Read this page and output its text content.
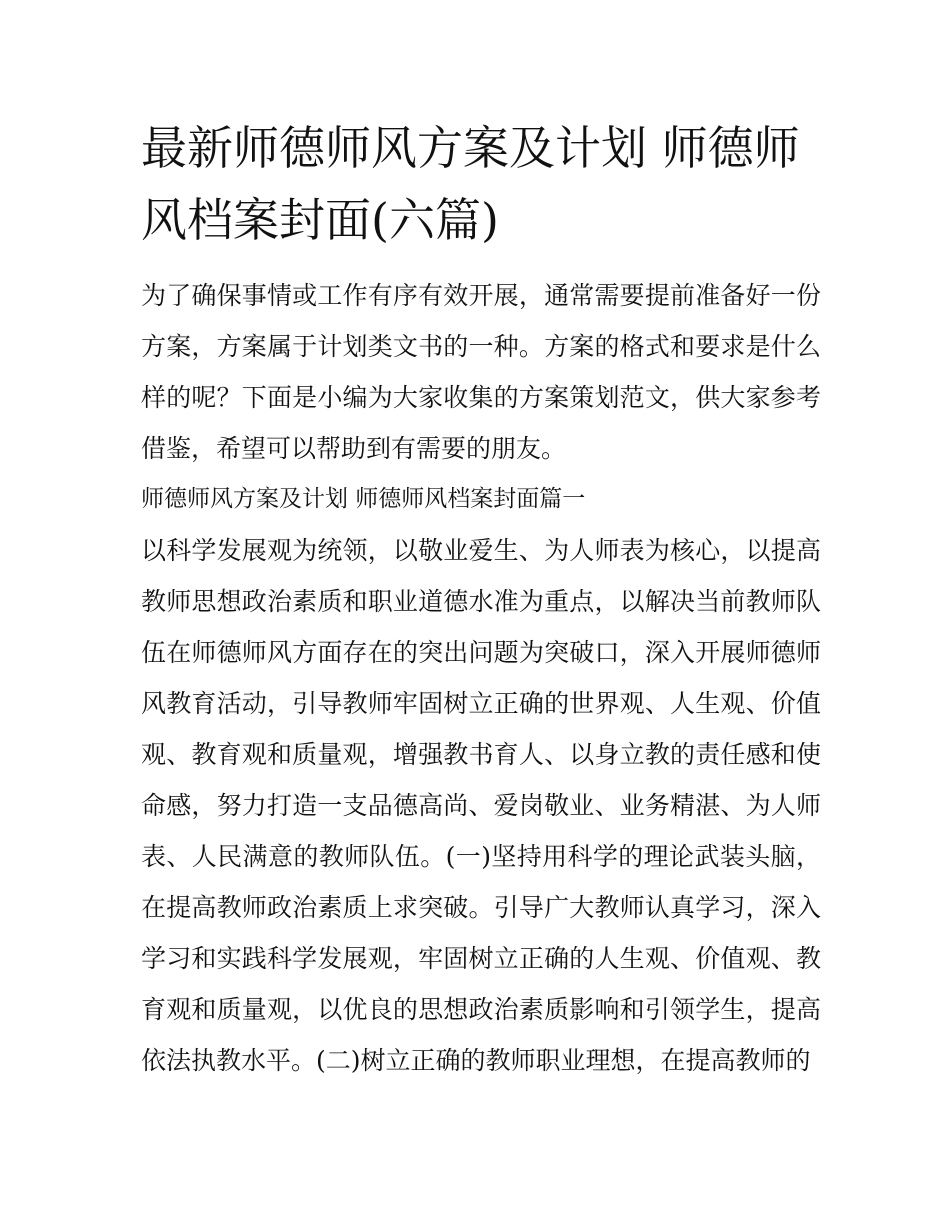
最新师德师风方案及计划 师德师风档案封面(六篇)

为了确保事情或工作有序有效开展，通常需要提前准备好一份方案，方案属于计划类文书的一种。方案的格式和要求是什么样的呢？下面是小编为大家收集的方案策划范文，供大家参考借鉴，希望可以帮助到有需要的朋友。

师德师风方案及计划 师德师风档案封面篇一

以科学发展观为统领，以敬业爱生、为人师表为核心，以提高教师思想政治素质和职业道德水准为重点，以解决当前教师队伍在师德师风方面存在的突出问题为突破口，深入开展师德师风教育活动，引导教师牢固树立正确的世界观、人生观、价值观、教育观和质量观，增强教书育人、以身立教的责任感和使命感，努力打造一支品德高尚、爱岗敬业、业务精湛、为人师表、人民满意的教师队伍。(一)坚持用科学的理论武装头脑，在提高教师政治素质上求突破。引导广大教师认真学习，深入学习和实践科学发展观，牢固树立正确的人生观、价值观、教育观和质量观，以优良的思想政治素质影响和引领学生，提高依法执教水平。(二)树立正确的教师职业理想，在提高教师的
